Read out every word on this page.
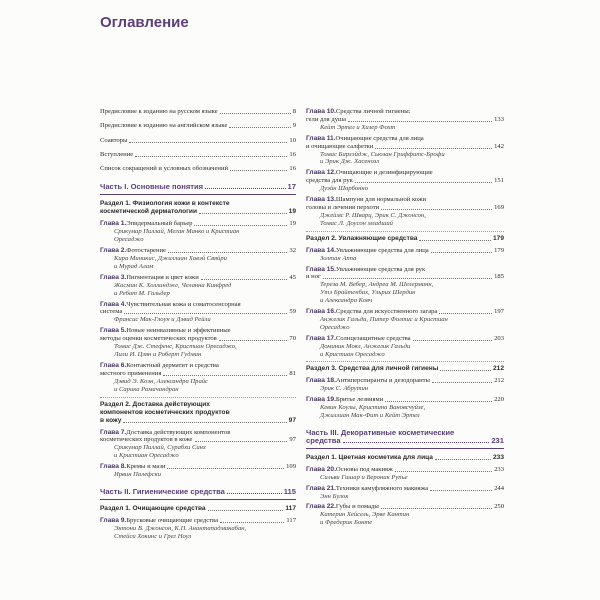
Оглавление
Предисловие к изданию на русском языке	8
Предисловие к изданию на английском языке	9
Соавторы	10
Вступление	16
Список сокращений и условных обозначений	16
Часть I. Основные понятия	17
Раздел 1. Физиология кожи в контексте
косметической дерматологии	19
Глава 1. Эпидермальный барьер	19
Срикумар Пиллай, Меган Манко и Кристиан
Оресаджо
Глава 2. Фотостарение	32
Кира Миникис, Джиллиан Хавэй Свяйри
и Мурад Алам
Глава 3. Пигментация и цвет кожи	45
Жасмин К. Холлиндже, Челанна Кинфред
и Ребат М. Гальдер
Глава 4. Чувствительная кожа и соматосенсорная
система	59
Франсис Мак-Глоун и Дэвид Рейли
Глава 5. Новые неинвазивные и эффективные
методы оценки косметических продуктов	70
Томас Дж. Стефенс, Кристиан Оресаджо,
Лили И. Цзян и Роберт Гудман
Глава 6. Контактный дерматит и средства
местного применения	81
Дэвид Э. Коэн, Александра Прайс
и Сарика Рамачандран
Раздел 2. Доставка действующих
компонентов косметических продуктов
в кожу	97
Глава 7. Доставка действующих компонентов
косметических продуктов в коже	97
Срикумар Пиллай, Сурабхи Синх
и Кристиан Оресаджо
Глава 8. Кремы и мази	109
Ирвин Палефски
Часть II. Гигиенические средства	115
Раздел 1. Очищающие средства	117
Глава 9. Брусковые очищающие средства	117
Энтони В. Джонсон, К.П. Анантападманабан,
Стейси Хокинс и Грег Ноул
Глава 10. Средства личной гигиены:
гели для душа	133
Кейт Эртел и Хизер Фохт
Глава 11. Очищающие средства для лица
и очищающие салфетки	142
Томас Барлэйдж, Сьюзан Гриффитс-Брофи
и Эрик Дж. Хасенозл
Глава 12. Очищающие и дезинфицирующие
средства для рук	151
Дуэйн Шарбонно
Глава 13. Шампуни для нормальной кожи
головы и лечения перхоти	169
Джеймс Р. Шварц, Эрик С. Джонсон,
Томас Л. Доусон младший
Раздел 2. Увлажняющие средства	179
Глава 14. Увлажняющие средства для лица	179
Золтан Аппа
Глава 15. Увлажняющие средства для рук
и ног	185
Тереза М. Вебер, Андреа М. Шелерманн,
Утэ Брайтенбах, Ульрих Шердин
и Александра Ковч
Глава 16. Средства для искусственного загара	197
Анжелик Гальди, Питер Фолтис и Кристиан
Оресаджо
Глава 17. Солнцезащитные средства	203
Доминик Моял, Анжелик Гальди
и Кристиан Оресаджо
Раздел 3. Средства для личной гигиены	212
Глава 18. Антиперспиранты и дезодоранты	212
Эрик С. Абрутин
Глава 19. Бритье лезвиями	220
Кевин Коулы, Кристина Вановсчуйзе,
Джиллиан Мак-Фит и Кейт Эртел
Часть III. Декоративные косметические
средства	231
Раздел 1. Цветная косметика для лица	233
Глава 20. Основы под макияж	233
Сильви Гишар и Вероник Рупье
Глава 21. Техники камуфляжного макияжа	244
Энн Булок
Глава 22. Губы и помады	250
Катерин Хейсель, Эрве Кантин
и Фредерик Бонте
